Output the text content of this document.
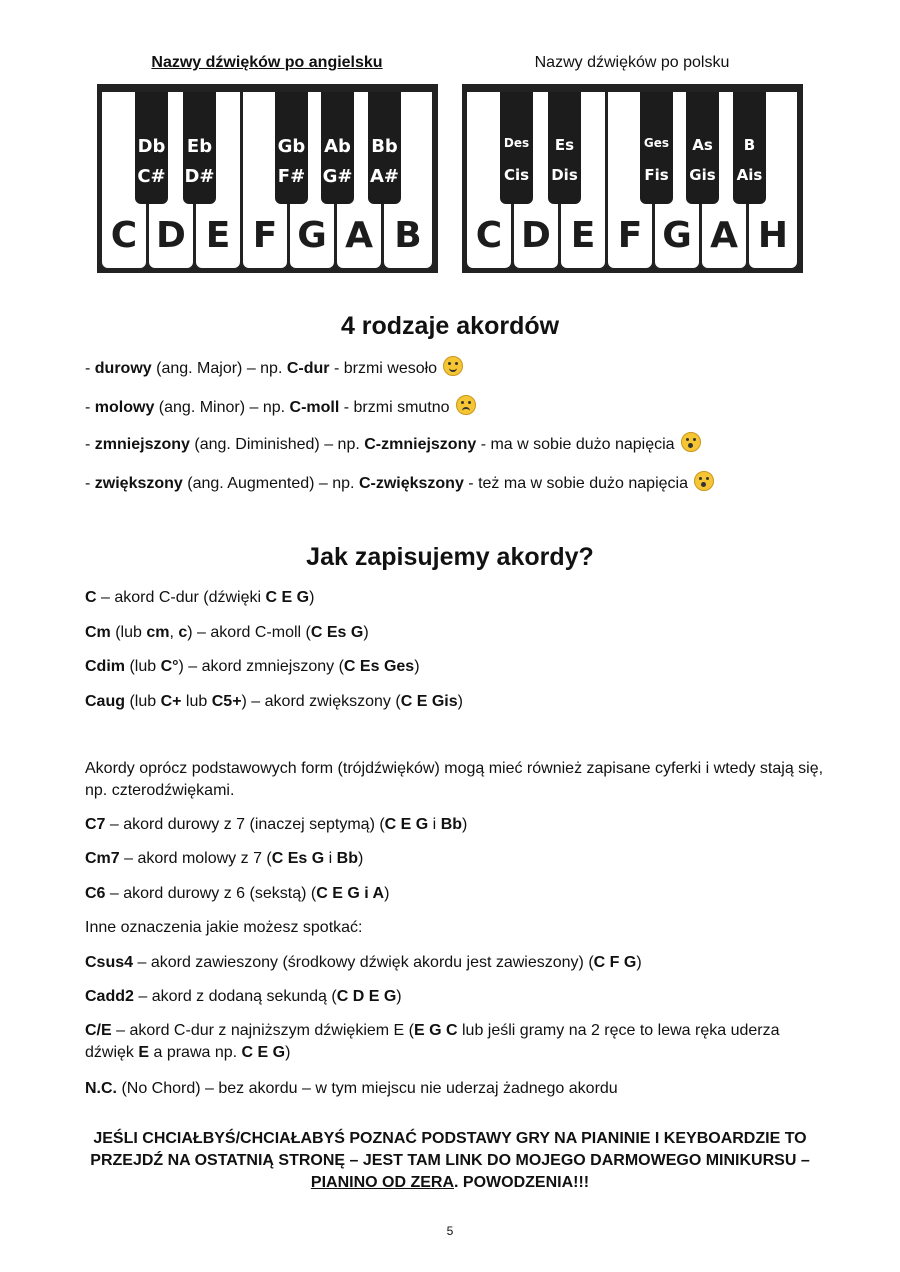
Nazwy dźwięków po angielsku	Nazwy dźwięków po polsku
C D E F G A B
Db
C#
Eb
D#
Gb
F#
Ab
G#
Bb
A#
C D E F G A H
Des
Cis
Es
Dis
Ges
Fis
As
Gis
B
Ais
4 rodzaje akordów
- durowy (ang. Major) – np. C-dur - brzmi wesoło
- molowy (ang. Minor) – np. C-moll - brzmi smutno
- zmniejszony (ang. Diminished) – np. C-zmniejszony - ma w sobie dużo napięcia
- zwiększony (ang. Augmented) – np. C-zwiększony - też ma w sobie dużo napięcia
Jak zapisujemy akordy?
C – akord C-dur (dźwięki C E G)
Cm (lub cm, c) – akord C-moll (C Es G)
Cdim (lub C°) – akord zmniejszony (C Es Ges)
Caug (lub C+ lub C5+) – akord zwiększony (C E Gis)
Akordy oprócz podstawowych form (trójdźwięków) mogą mieć również zapisane cyferki i wtedy stają się, np. czterodźwiękami.
C7 – akord durowy z 7 (inaczej septymą) (C E G i Bb)
Cm7 – akord molowy z 7 (C Es G i Bb)
C6 – akord durowy z 6 (sekstą) (C E G i A)
Inne oznaczenia jakie możesz spotkać:
Csus4 – akord zawieszony (środkowy dźwięk akordu jest zawieszony) (C F G)
Cadd2 – akord z dodaną sekundą (C D E G)
C/E – akord C-dur z najniższym dźwiękiem E (E G C lub jeśli gramy na 2 ręce to lewa ręka uderza dźwięk E a prawa np. C E G)
N.C. (No Chord) – bez akordu – w tym miejscu nie uderzaj żadnego akordu
JEŚLI CHCIAŁBYŚ/CHCIAŁABYŚ POZNAĆ PODSTAWY GRY NA PIANINIE I KEYBOARDZIE TO PRZEJDŹ NA OSTATNIĄ STRONĘ – JEST TAM LINK DO MOJEGO DARMOWEGO MINIKURSU – PIANINO OD ZERA. POWODZENIA!!!
5
